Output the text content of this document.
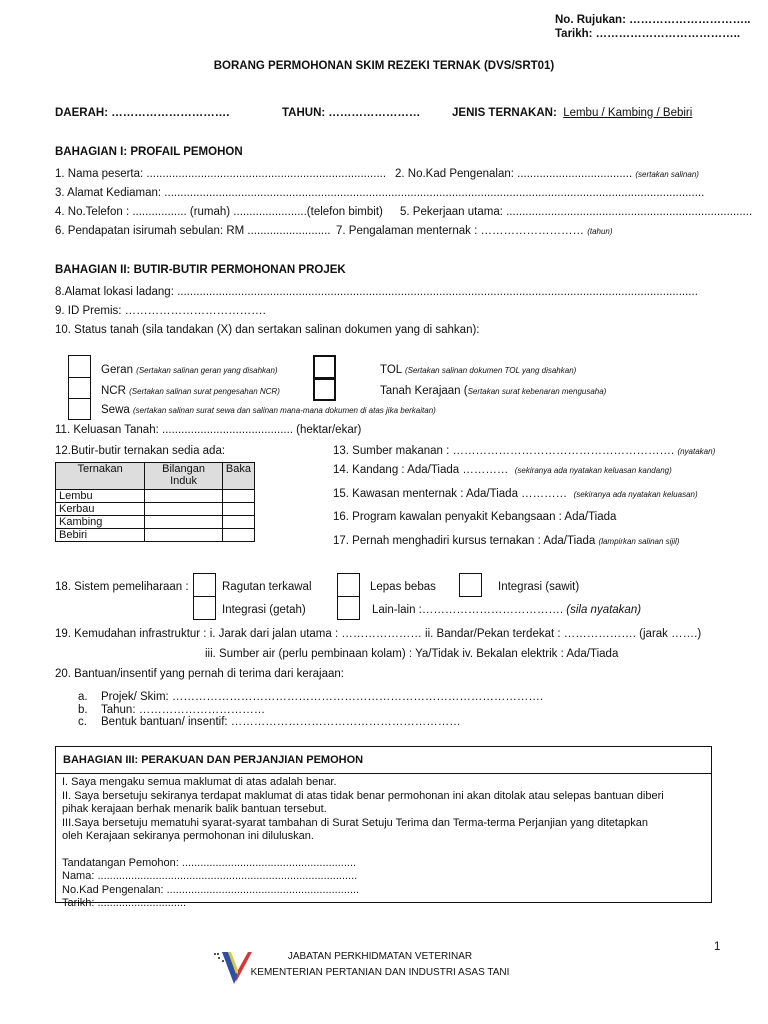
No. Rujukan: …………………………..
Tarikh: ………………………………..
BORANG PERMOHONAN SKIM REZEKI TERNAK (DVS/SRT01)
DAERAH: ………………………….	TAHUN: ……………………	JENIS TERNAKAN: Lembu / Kambing / Bebiri
BAHAGIAN I: PROFAIL PEMOHON
1. Nama peserta: ........................................................................... 2. No.Kad Pengenalan: .................................... (sertakan salinan)
3. Alamat Kediaman: .........................................................................................................................................................................
4. No.Telefon : ................. (rumah) .......................(telefon bimbit) 5. Pekerjaan utama: .............................................................................
6. Pendapatan isirumah sebulan: RM .......................... 7. Pengalaman menternak : ……………………… (tahun)
BAHAGIAN II: BUTIR-BUTIR PERMOHONAN PROJEK
8.Alamat lokasi ladang: ...................................................................................................................................................................
9. ID Premis: ……………………………….
10. Status tanah (sila tandakan (X) dan sertakan salinan dokumen yang di sahkan):
Geran (Sertakan salinan geran yang disahkan)
NCR (Sertakan salinan surat pengesahan NCR)
Sewa (sertakan salinan surat sewa dan salinan mana-mana dokumen di atas jika berkaitan)
TOL (Sertakan salinan dokumen TOL yang disahkan)
Tanah Kerajaan (Sertakan surat kebenaran mengusaha)
11. Keluasan Tanah: ......................................... (hektar/ekar)
12.Butir-butir ternakan sedia ada:
Ternakan	Bilangan Induk	Baka
Lembu		
Kerbau		
Kambing		
Bebiri		
13. Sumber makanan : …………………………………………………. (nyatakan)
14. Kandang : Ada/Tiada ………… (sekiranya ada nyatakan keluasan kandang)
15. Kawasan menternak : Ada/Tiada ………… (sekiranya ada nyatakan keluasan)
16. Program kawalan penyakit Kebangsaan : Ada/Tiada
17. Pernah menghadiri kursus ternakan : Ada/Tiada (lampirkan salinan sijil)
18. Sistem pemeliharaan :	Ragutan terkawal	Lepas bebas	Integrasi (sawit)
Integrasi (getah)	Lain-lain :………………………………. (sila nyatakan)
19. Kemudahan infrastruktur : i. Jarak dari jalan utama : ………………… ii. Bandar/Pekan terdekat : ………………. (jarak …….)
iii. Sumber air (perlu pembinaan kolam) : Ya/Tidak iv. Bekalan elektrik : Ada/Tiada
20. Bantuan/insentif yang pernah di terima dari kerajaan:
a. Projek/ Skim: …………………………………………………………………………………….
b. Tahun: ……………………………
c. Bentuk bantuan/ insentif: ……………………………………………………
BAHAGIAN III: PERAKUAN DAN PERJANJIAN PEMOHON
I. Saya mengaku semua maklumat di atas adalah benar.
II. Saya bersetuju sekiranya terdapat maklumat di atas tidak benar permohonan ini akan ditolak atau selepas bantuan diberi
pihak kerajaan berhak menarik balik bantuan tersebut.
III.Saya bersetuju mematuhi syarat-syarat tambahan di Surat Setuju Terima dan Terma-terma Perjanjian yang ditetapkan
oleh Kerajaan sekiranya permohonan ini diluluskan.
Tandatangan Pemohon: .........................................................
Nama: .....................................................................................
No.Kad Pengenalan: ...............................................................
Tarikh: .............................
1
JABATAN PERKHIDMATAN VETERINAR
KEMENTERIAN PERTANIAN DAN INDUSTRI ASAS TANI
